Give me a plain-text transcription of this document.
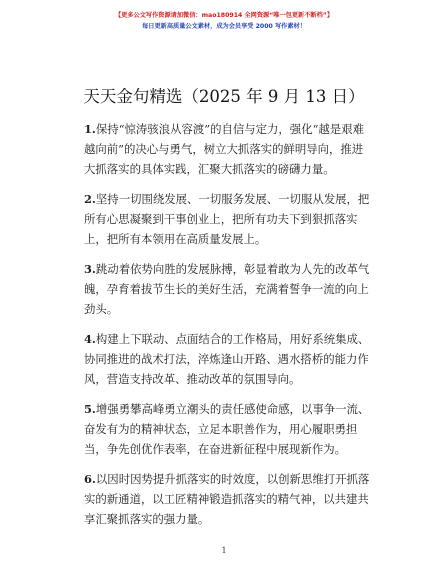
【更多公文写作资源请加微信：mao180914 全网资源“唯一包更新不断档”】
每日更新高质量公文素材，成为会员享受 2000 写作素材！
天天金句精选（2025 年 9 月 13 日）

1.保持“惊涛骇浪从容渡”的自信与定力，强化“越是艰难越向前”的决心与勇气，树立大抓落实的鲜明导向，推进大抓落实的具体实践，汇聚大抓落实的磅礴力量。

2.坚持一切围绕发展、一切服务发展、一切服从发展，把所有心思凝聚到干事创业上，把所有功夫下到狠抓落实上，把所有本领用在高质量发展上。

3.跳动着依势向胜的发展脉搏，彰显着敢为人先的改革气魄，孕育着拔节生长的美好生活，充满着誓争一流的向上劲头。

4.构建上下联动、点面结合的工作格局，用好系统集成、协同推进的战术打法，淬炼逢山开路、遇水搭桥的能力作风，营造支持改革、推动改革的氛围导向。

5.增强勇攀高峰勇立潮头的责任感使命感，以事争一流、奋发有为的精神状态，立足本职善作为，用心履职勇担当，争先创优作表率，在奋进新征程中展现新作为。

6.以因时因势提升抓落实的时效度，以创新思维打开抓落实的新通道，以工匠精神锻造抓落实的精气神，以共建共享汇聚抓落实的强力量。

1
